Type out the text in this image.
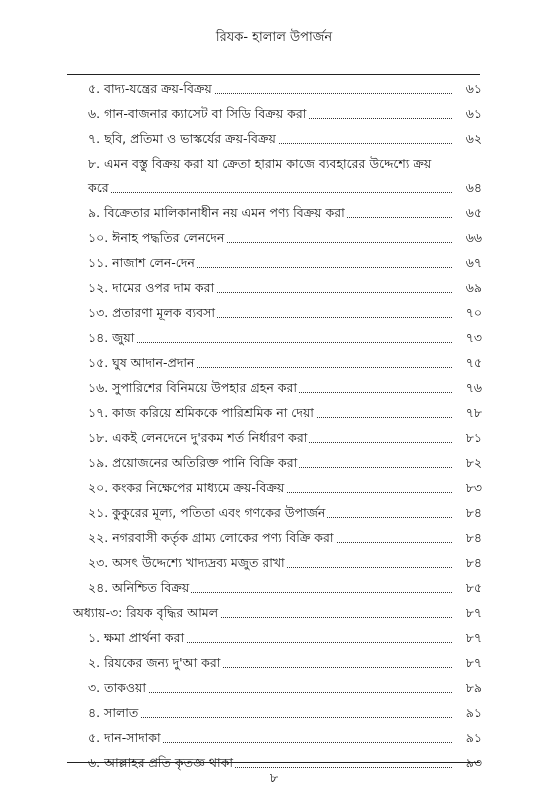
রিযক- হালাল উপার্জন
৫. বাদ্য-যন্ত্রের ক্রয়-বিক্রয়	৬১
৬. গান-বাজনার ক্যাসেট বা সিডি বিক্রয় করা	৬১
৭. ছবি, প্রতিমা ও ভাস্কর্যের ক্রয়-বিক্রয়	৬২
৮. এমন বস্তু বিক্রয় করা যা ক্রেতা হারাম কাজে ব্যবহারের উদ্দেশ্যে ক্রয়
করে	৬৪
৯. বিক্রেতার মালিকানাধীন নয় এমন পণ্য বিক্রয় করা	৬৫
১০. ঈনাহ পদ্ধতির লেনদেন	৬৬
১১. নাজাশ লেন-দেন	৬৭
১২. দামের ওপর দাম করা	৬৯
১৩. প্রতারণা মূলক ব্যবসা	৭০
১৪. জুয়া	৭৩
১৫. ঘুষ আদান-প্রদান	৭৫
১৬. সুপারিশের বিনিময়ে উপহার গ্রহন করা	৭৬
১৭. কাজ করিয়ে শ্রমিককে পারিশ্রমিক না দেয়া	৭৮
১৮. একই লেনদেনে দু'রকম শর্ত নির্ধারণ করা	৮১
১৯. প্রয়োজনের অতিরিক্ত পানি বিক্রি করা	৮২
২০. কংকর নিক্ষেপের মাধ্যমে ক্রয়-বিক্রয়	৮৩
২১. কুকুরের মূল্য, পতিতা এবং গণকের উপার্জন	৮৪
২২. নগরবাসী কর্তৃক গ্রাম্য লোকের পণ্য বিক্রি করা	৮৪
২৩. অসৎ উদ্দেশ্যে খাদ্যদ্রব্য মজুত রাখা	৮৪
২৪. অনিশ্চিত বিক্রয়	৮৫
অধ্যায়-৩: রিযক বৃদ্ধির আমল	৮৭
১. ক্ষমা প্রার্থনা করা	৮৭
২. রিযকের জন্য দু'আ করা	৮৭
৩. তাকওয়া	৮৯
৪. সালাত	৯১
৫. দান-সাদাকা	৯১
৬. আল্লাহর প্রতি কৃতজ্ঞ থাকা	৯৩
৮
